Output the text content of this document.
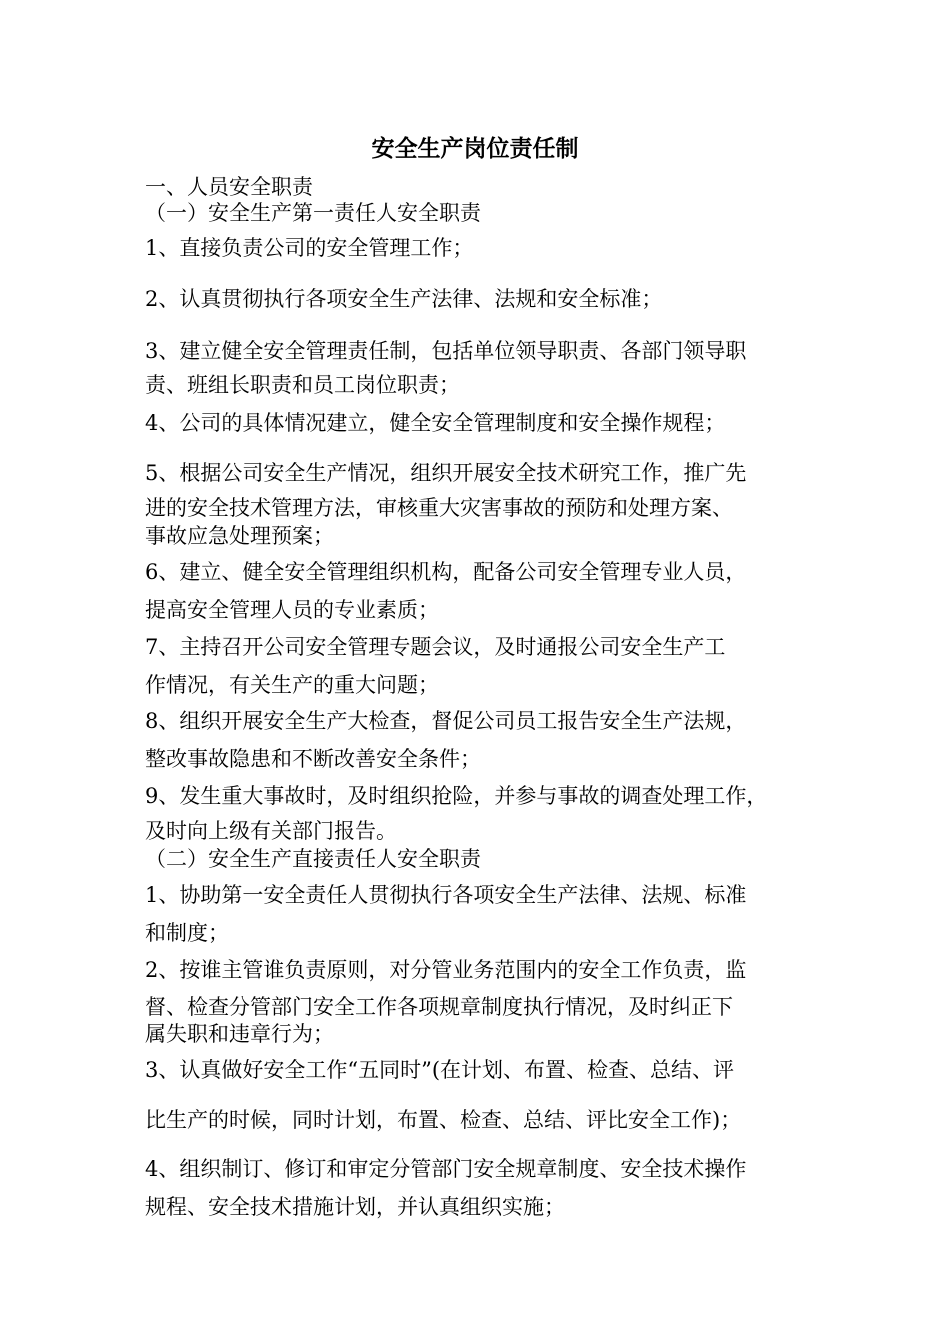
安全生产岗位责任制
一、人员安全职责
（一）安全生产第一责任人安全职责
1、直接负责公司的安全管理工作；
2、认真贯彻执行各项安全生产法律、法规和安全标准；
3、建立健全安全管理责任制，包括单位领导职责、各部门领导职
责、班组长职责和员工岗位职责；
4、公司的具体情况建立，健全安全管理制度和安全操作规程；
5、根据公司安全生产情况，组织开展安全技术研究工作，推广先
进的安全技术管理方法，审核重大灾害事故的预防和处理方案、
事故应急处理预案；
6、建立、健全安全管理组织机构，配备公司安全管理专业人员，
提高安全管理人员的专业素质；
7、主持召开公司安全管理专题会议，及时通报公司安全生产工
作情况，有关生产的重大问题；
8、组织开展安全生产大检查，督促公司员工报告安全生产法规，
整改事故隐患和不断改善安全条件；
9、发生重大事故时，及时组织抢险，并参与事故的调查处理工作，
及时向上级有关部门报告。
（二）安全生产直接责任人安全职责
1、协助第一安全责任人贯彻执行各项安全生产法律、法规、标准
和制度；
2、按谁主管谁负责原则，对分管业务范围内的安全工作负责，监
督、检查分管部门安全工作各项规章制度执行情况，及时纠正下
属失职和违章行为；
3、认真做好安全工作“五同时”(在计划、布置、检查、总结、评
比生产的时候，同时计划，布置、检查、总结、评比安全工作)；
4、组织制订、修订和审定分管部门安全规章制度、安全技术操作
规程、安全技术措施计划，并认真组织实施；
